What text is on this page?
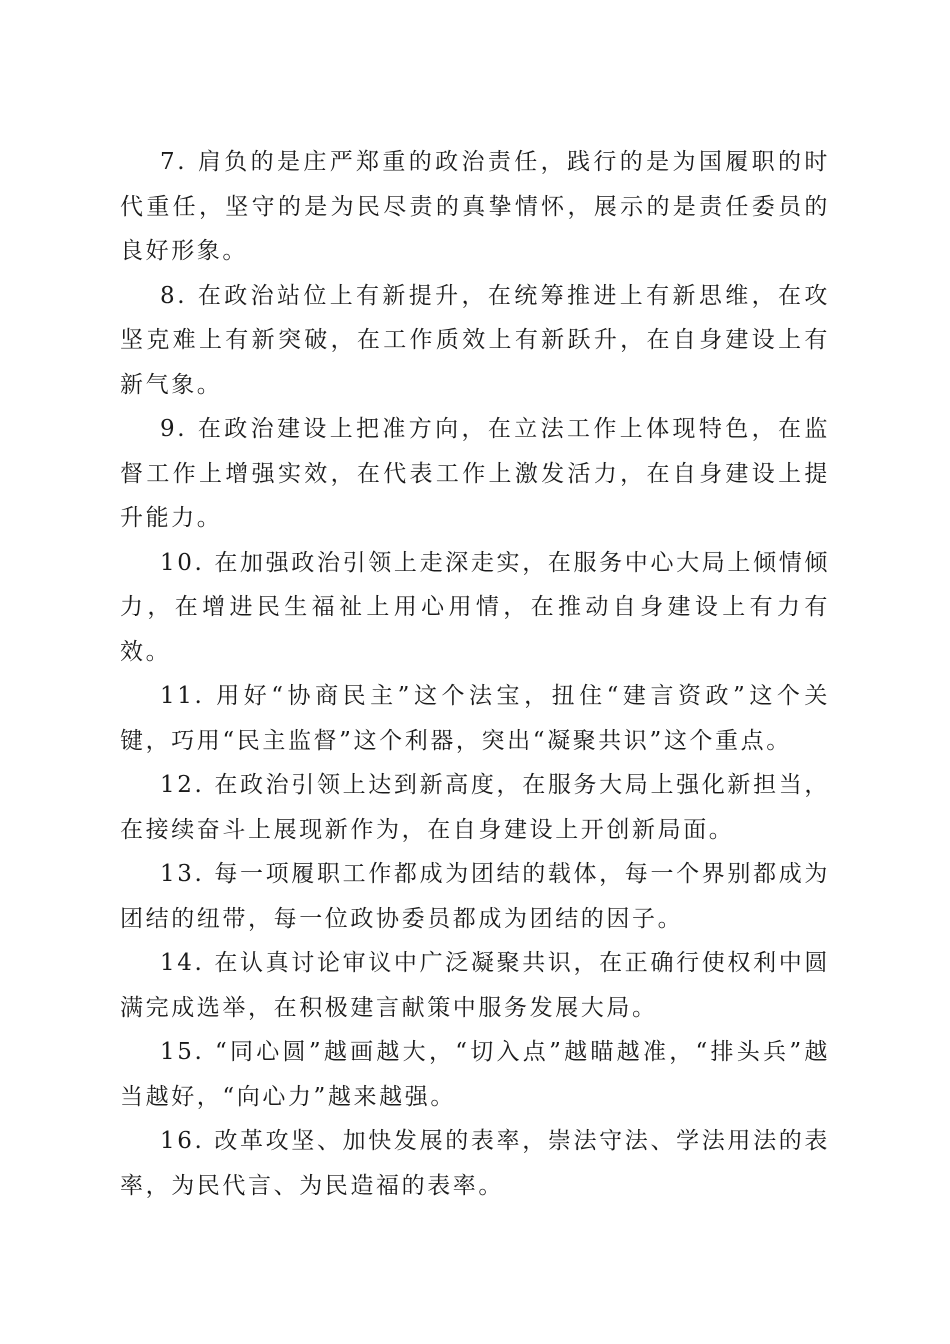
7. 肩负的是庄严郑重的政治责任，践行的是为国履职的时代重任，坚守的是为民尽责的真挚情怀，展示的是责任委员的良好形象。

8. 在政治站位上有新提升，在统筹推进上有新思维，在攻坚克难上有新突破，在工作质效上有新跃升，在自身建设上有新气象。

9. 在政治建设上把准方向，在立法工作上体现特色，在监督工作上增强实效，在代表工作上激发活力，在自身建设上提升能力。

10. 在加强政治引领上走深走实，在服务中心大局上倾情倾力，在增进民生福祉上用心用情，在推动自身建设上有力有效。

11. 用好“协商民主”这个法宝，扭住“建言资政”这个关键，巧用“民主监督”这个利器，突出“凝聚共识”这个重点。

12. 在政治引领上达到新高度，在服务大局上强化新担当，在接续奋斗上展现新作为，在自身建设上开创新局面。

13. 每一项履职工作都成为团结的载体，每一个界别都成为团结的纽带，每一位政协委员都成为团结的因子。

14. 在认真讨论审议中广泛凝聚共识，在正确行使权利中圆满完成选举，在积极建言献策中服务发展大局。

15. “同心圆”越画越大，“切入点”越瞄越准，“排头兵”越当越好，“向心力”越来越强。

16. 改革攻坚、加快发展的表率，崇法守法、学法用法的表率，为民代言、为民造福的表率。
